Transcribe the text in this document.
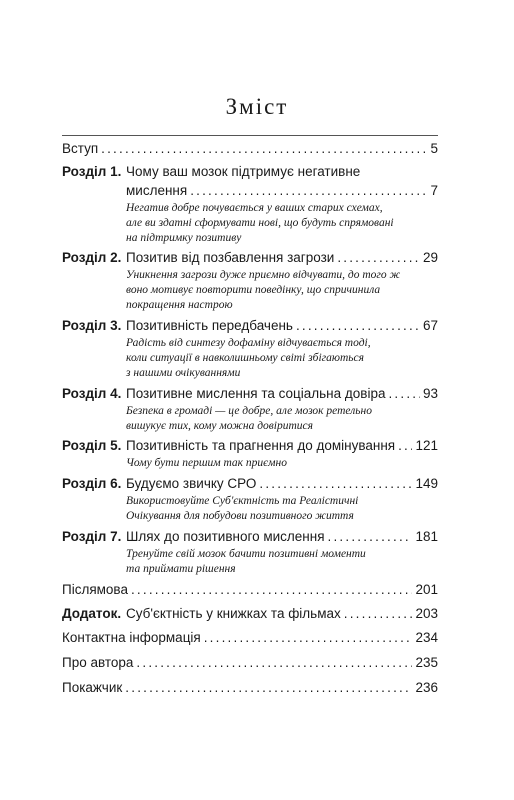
Зміст
Вступ .....	5
Розділ 1. Чому ваш мозок підтримує негативне
мислення .....	7
Негатив добре почувається у ваших старих схемах,
але ви здатні сформувати нові, що будуть спрямовані
на підтримку позитиву
Розділ 2. Позитив від позбавлення загрози .....	29
Уникнення загрози дуже приємно відчувати, до того ж
воно мотивує повторити поведінку, що спричинила
покращення настрою
Розділ 3. Позитивність передбачень .....	67
Радість від синтезу дофаміну відчувається тоді,
коли ситуації в навколишньому світі збігаються
з нашими очікуваннями
Розділ 4. Позитивне мислення та соціальна довіра .....	93
Безпека в громаді — це добре, але мозок ретельно
вишукує тих, кому можна довіритися
Розділ 5. Позитивність та прагнення до домінування ..... 121
Чому бути першим так приємно
Розділ 6. Будуємо звичку СРО .....	149
Використовуйте Суб'єктність та Реалістичні
Очікування для побудови позитивного життя
Розділ 7. Шлях до позитивного мислення .....	181
Тренуйте свій мозок бачити позитивні моменти
та приймати рішення
Післямова .....	201
Додаток. Суб'єктність у книжках та фільмах .....	203
Контактна інформація .....	234
Про автора .....	235
Покажчик .....	236
